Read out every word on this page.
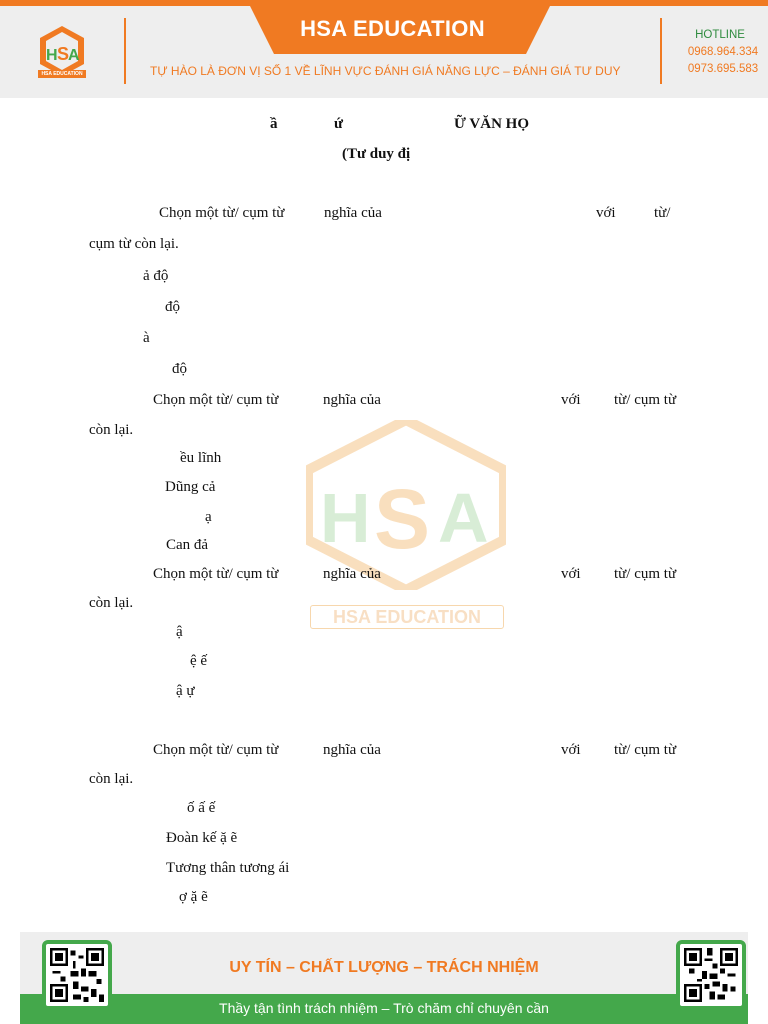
H S
A
HSA EDUCATION
HSA EDUCATION
TỰ HÀO LÀ ĐƠN VỊ SỐ 1 VỀ LĨNH VỰC ĐÁNH GIÁ NĂNG LỰC – ĐÁNH GIÁ TƯ DUY
HOTLINE
0968.964.334
0973.695.583
H S A
HSA EDUCATION
ầ	ứ	Ữ VĂN HỌ
(Tư duy đị
Chọn một từ/ cụm từ	nghĩa của	với	từ/
cụm từ còn lại.
ả độ
độ
à
độ
Chọn một từ/ cụm từ	nghĩa của	với từ/ cụm từ
còn lại.
ều lĩnh
Dũng cả
ạ
Can đả
Chọn một từ/ cụm từ	nghĩa của	với từ/ cụm từ
còn lại.
ậ
ệ ế
ậ ự
Chọn một từ/ cụm từ	nghĩa của	với từ/ cụm từ
còn lại.
ố ấ ế
Đoàn kế ặ ẽ
Tương thân tương ái
ợ ặ ẽ
UY TÍN – CHẤT LƯỢNG – TRÁCH NHIỆM
Thầy tận tình trách nhiệm – Trò chăm chỉ chuyên cần
